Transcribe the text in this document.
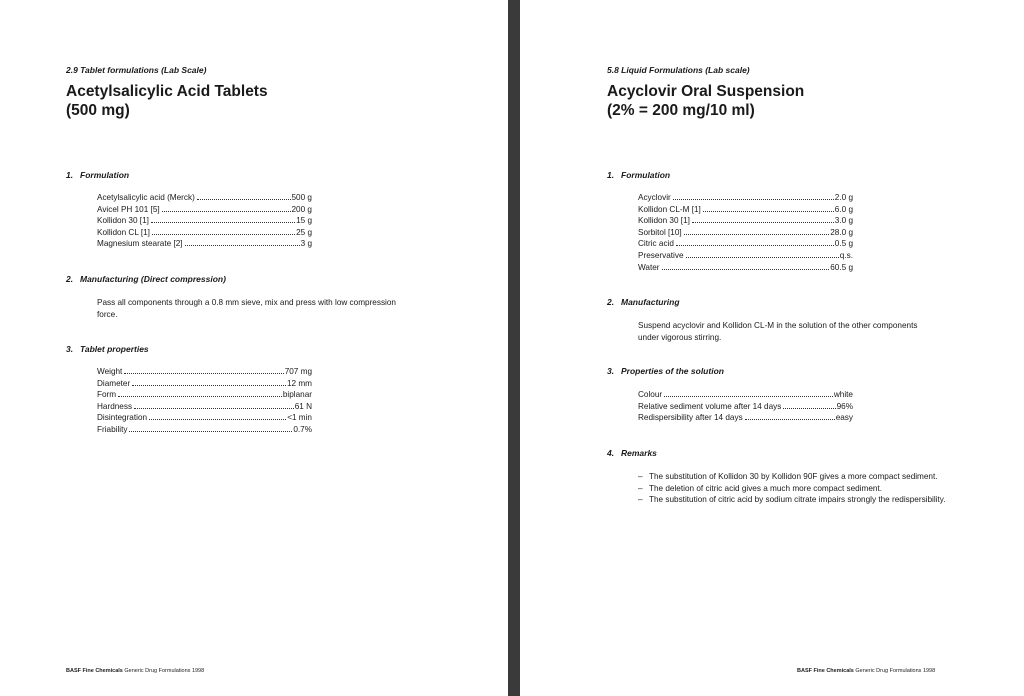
2.9 Tablet formulations (Lab Scale)
Acetylsalicylic Acid Tablets
(500 mg)
1. Formulation
Acetylsalicylic acid (Merck)	500 g
Avicel PH 101 [5]	200 g
Kollidon 30 [1]	15 g
Kollidon CL [1]	25 g
Magnesium stearate [2]	3 g
2. Manufacturing (Direct compression)

Pass all components through a 0.8 mm sieve, mix and press with low compression force.

3. Tablet properties
Weight	707 mg
Diameter	12 mm
Form	biplanar
Hardness	61 N
Disintegration	<1 min
Friability	0.7%
BASF Fine Chemicals Generic Drug Formulations 1998
5.8 Liquid Formulations (Lab scale)
Acyclovir Oral Suspension
(2% = 200 mg/10 ml)
1. Formulation
Acyclovir	2.0 g
Kollidon CL-M [1]	6.0 g
Kollidon 30 [1]	3.0 g
Sorbitol [10]	28.0 g
Citric acid	0.5 g
Preservative	q.s.
Water	60.5 g
2. Manufacturing

Suspend acyclovir and Kollidon CL-M in the solution of the other components under vigorous stirring.

3. Properties of the solution
Colour	white
Relative sediment volume after 14 days	96%
Redispersibility after 14 days	easy
4. Remarks
– The substitution of Kollidon 30 by Kollidon 90F gives a more compact sediment.
– The deletion of citric acid gives a much more compact sediment.
– The substitution of citric acid by sodium citrate impairs strongly the redispersibility.
BASF Fine Chemicals Generic Drug Formulations 1998
